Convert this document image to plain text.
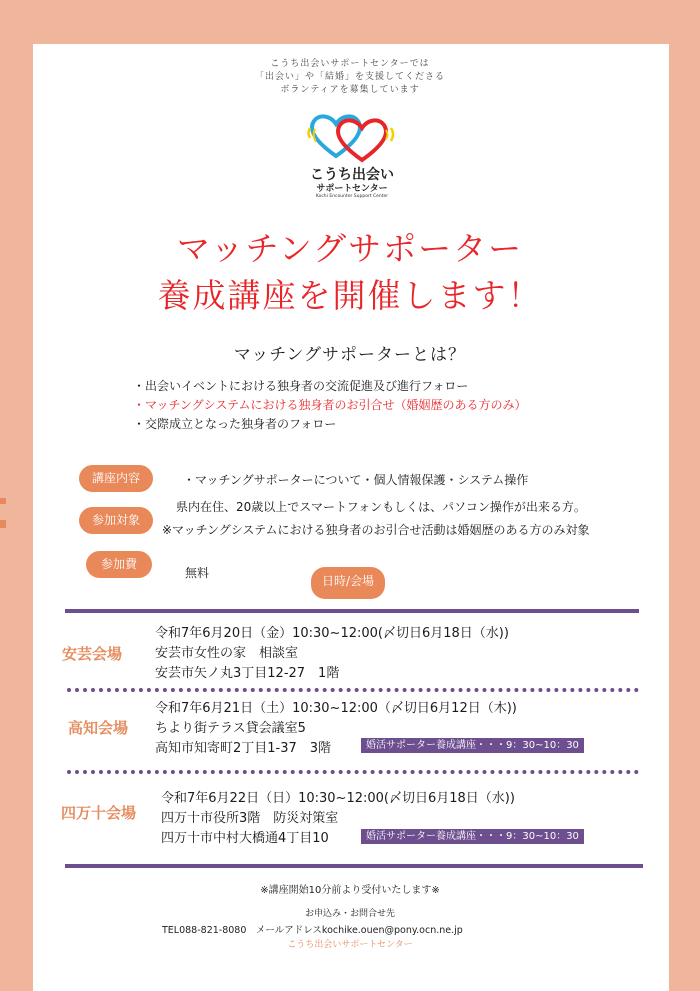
こうち出会いサポートセンターでは
「出会い」や「結婚」を支援してくださる
ボランティアを募集しています
こうち出会い
サポートセンター
Kochi Encounter Support Center
マッチングサポーター
養成講座を開催します！
マッチングサポーターとは？
・出会いイベントにおける独身者の交流促進及び進行フォロー
・マッチングシステムにおける独身者のお引合せ（婚姻歴のある方のみ）
・交際成立となった独身者のフォロー
講座内容	・マッチングサポーターについて・個人情報保護・システム操作
参加対象
県内在住、20歳以上でスマートフォンもしくは、パソコン操作が出来る方。
※マッチングシステムにおける独身者のお引合せ活動は婚姻歴のある方のみ対象
参加費
無料
日時/会場
安芸会場
令和7年6月20日（金）10:30~12:00(〆切日6月18日（水))
安芸市女性の家　相談室
安芸市矢ノ丸3丁目12-27　1階
高知会場
令和7年6月21日（土）10:30~12:00（〆切日6月12日（木))
ちより街テラス貸会議室5
高知市知寄町2丁目1-37　3階	婚活サポーター養成講座・・・9：30~10：30
四万十会場
令和7年6月22日（日）10:30~12:00(〆切日6月18日（水))
四万十市役所3階　防災対策室
四万十市中村大橋通4丁目10	婚活サポーター養成講座・・・9：30~10：30
※講座開始10分前より受付いたします※
お申込み・お問合せ先
TEL088-821-8080　メールアドレスkochike.ouen@pony.ocn.ne.jp
こうち出会いサポートセンター
